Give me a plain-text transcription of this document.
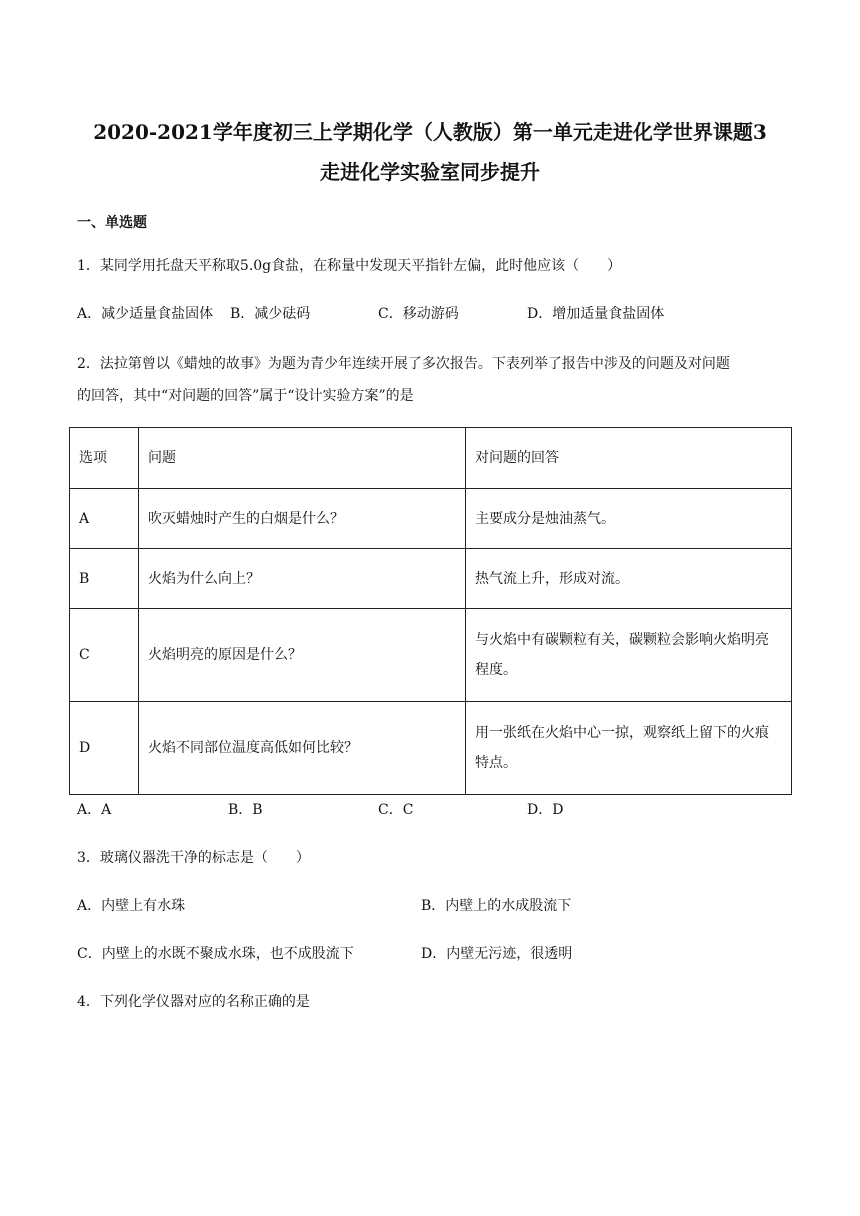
2020-2021学年度初三上学期化学（人教版）第一单元走进化学世界课题3
走进化学实验室同步提升
一、单选题
1．某同学用托盘天平称取5.0g食盐，在称量中发现天平指针左偏，此时他应该（　　）
A．减少适量食盐固体 B．减少砝码	C．移动游码	D．增加适量食盐固体
2．法拉第曾以《蜡烛的故事》为题为青少年连续开展了多次报告。下表列举了报告中涉及的问题及对问题
的回答，其中“对问题的回答”属于“设计实验方案”的是
选项	问题	对问题的回答
A	吹灭蜡烛时产生的白烟是什么？	主要成分是烛油蒸气。
B	火焰为什么向上？	热气流上升，形成对流。
C	火焰明亮的原因是什么？	与火焰中有碳颗粒有关，碳颗粒会影响火焰明亮程度。
D	火焰不同部位温度高低如何比较？	用一张纸在火焰中心一掠，观察纸上留下的火痕特点。
A．A	B．B	C．C	D．D
3．玻璃仪器洗干净的标志是（　　）
A．内壁上有水珠	B．内壁上的水成股流下
C．内壁上的水既不聚成水珠，也不成股流下	D．内壁无污迹，很透明
4．下列化学仪器对应的名称正确的是
